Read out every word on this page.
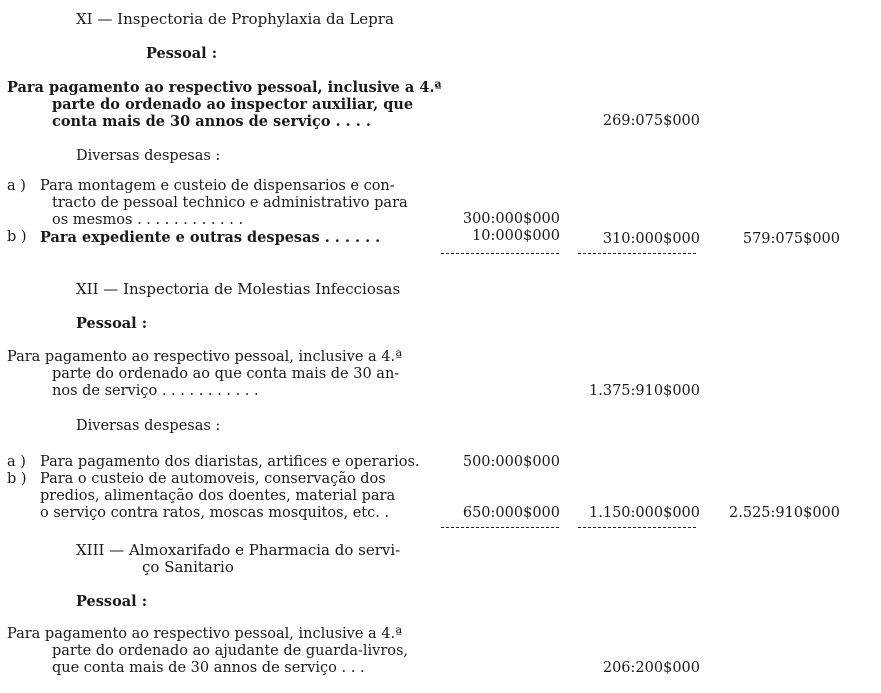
XI — Inspectoria de Prophylaxia da Lepra
Pessoal :
Para pagamento ao respectivo pessoal, inclusive a 4.ª
parte do ordenado ao inspector auxiliar, que
conta mais de 30 annos de serviço . . . .	269:075$000
Diversas despesas :
a ) Para montagem e custeio de dispensarios e con-
tracto de pessoal technico e administrativo para
os mesmos . . . . . . . . . . . .	300:000$000
b ) Para expediente e outras despesas . . . . . .	10:000$000	310:000$000	579:075$000
XII — Inspectoria de Molestias Infecciosas
Pessoal :
Para pagamento ao respectivo pessoal, inclusive a 4.ª
parte do ordenado ao que conta mais de 30 an-
nos de serviço . . . . . . . . . . .	1.375:910$000
Diversas despesas :
a ) Para pagamento dos diaristas, artifices e operarios.	500:000$000
b ) Para o custeio de automoveis, conservação dos
predios, alimentação dos doentes, material para
o serviço contra ratos, moscas mosquitos, etc. .	650:000$000	1.150:000$000	2.525:910$000
XIII — Almoxarifado e Pharmacia do servi-
ço Sanitario
Pessoal :
Para pagamento ao respectivo pessoal, inclusive a 4.ª
parte do ordenado ao ajudante de guarda-livros,
que conta mais de 30 annos de serviço . . .	206:200$000
